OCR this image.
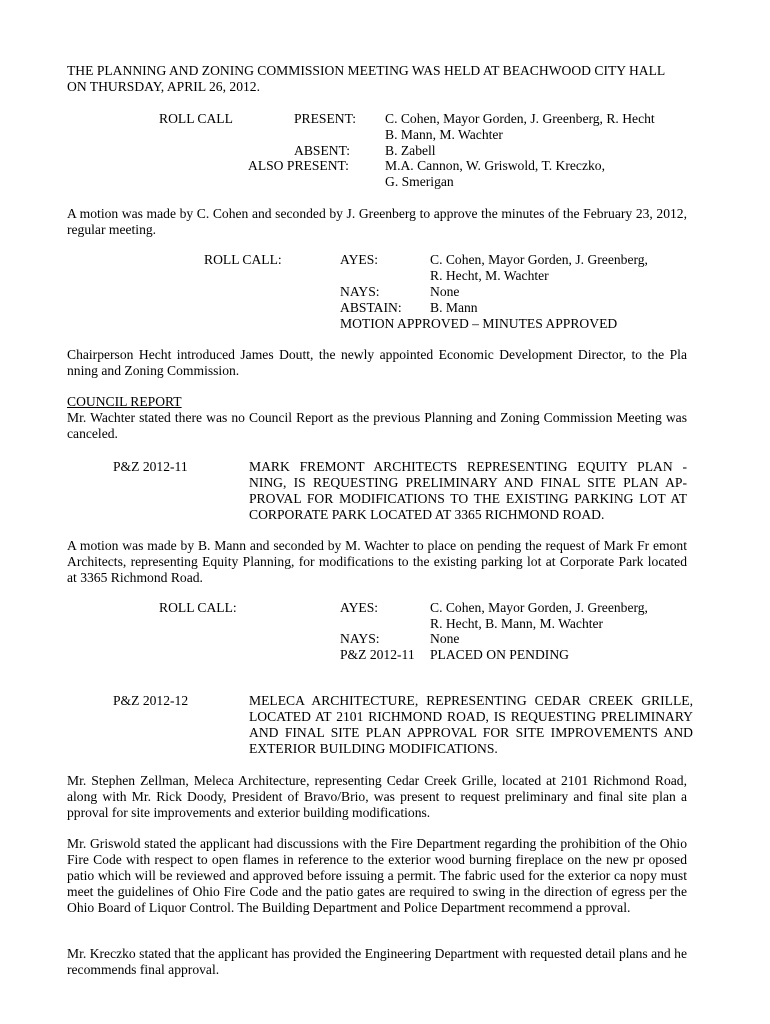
THE PLANNING AND ZONING COMMISSION MEETING WAS HELD AT BEACHWOOD CITY HALL
ON THURSDAY, APRIL 26, 2012.
ROLL CALL	PRESENT: C. Cohen, Mayor Gorden, J. Greenberg, R. Hecht
B. Mann, M. Wachter
ABSENT:	B. Zabell
ALSO PRESENT:	M.A. Cannon, W. Griswold, T. Kreczko,
G. Smerigan
A motion was made by C. Cohen and seconded by J. Greenberg to approve the minutes of the February 23, 2012, regular meeting.
ROLL CALL:	AYES:	C. Cohen, Mayor Gorden, J. Greenberg,
R. Hecht, M. Wachter
NAYS:	None
ABSTAIN: B. Mann
MOTION APPROVED – MINUTES APPROVED
Chairperson Hecht introduced James Doutt, the newly appointed Economic Development Director, to the Pla nning and Zoning Commission.
COUNCIL REPORT
Mr. Wachter stated there was no Council Report as the previous Planning and Zoning Commission Meeting was canceled.
P&Z 2012-11	MARK FREMONT ARCHITECTS REPRESENTING EQUITY PLAN - NING, IS REQUESTING PRELIMINARY AND FINAL SITE PLAN AP- PROVAL FOR MODIFICATIONS TO THE EXISTING PARKING LOT AT CORPORATE PARK LOCATED AT 3365 RICHMOND ROAD.
A motion was made by B. Mann and seconded by M. Wachter to place on pending the request of Mark Fr emont Architects, representing Equity Planning, for modifications to the existing parking lot at Corporate Park located at 3365 Richmond Road.
ROLL CALL:	AYES:	C. Cohen, Mayor Gorden, J. Greenberg,
R. Hecht, B. Mann, M. Wachter
NAYS:	None
P&Z 2012-11 PLACED ON PENDING
P&Z 2012-12	MELECA ARCHITECTURE, REPRESENTING CEDAR CREEK GRILLE, LOCATED AT 2101 RICHMOND ROAD, IS REQUESTING PRELIMINARY AND FINAL SITE PLAN APPROVAL FOR SITE IMPROVEMENTS AND EXTERIOR BUILDING MODIFICATIONS.
Mr. Stephen Zellman, Meleca Architecture, representing Cedar Creek Grille, located at 2101 Richmond Road, along with Mr. Rick Doody, President of Bravo/Brio, was present to request preliminary and final site plan a pproval for site improvements and exterior building modifications.
Mr. Griswold stated the applicant had discussions with the Fire Department regarding the prohibition of the Ohio Fire Code with respect to open flames in reference to the exterior wood burning fireplace on the new pr oposed patio which will be reviewed and approved before issuing a permit. The fabric used for the exterior ca nopy must meet the guidelines of Ohio Fire Code and the patio gates are required to swing in the direction of egress per the Ohio Board of Liquor Control. The Building Department and Police Department recommend a pproval.
Mr. Kreczko stated that the applicant has provided the Engineering Department with requested detail plans and he recommends final approval.
